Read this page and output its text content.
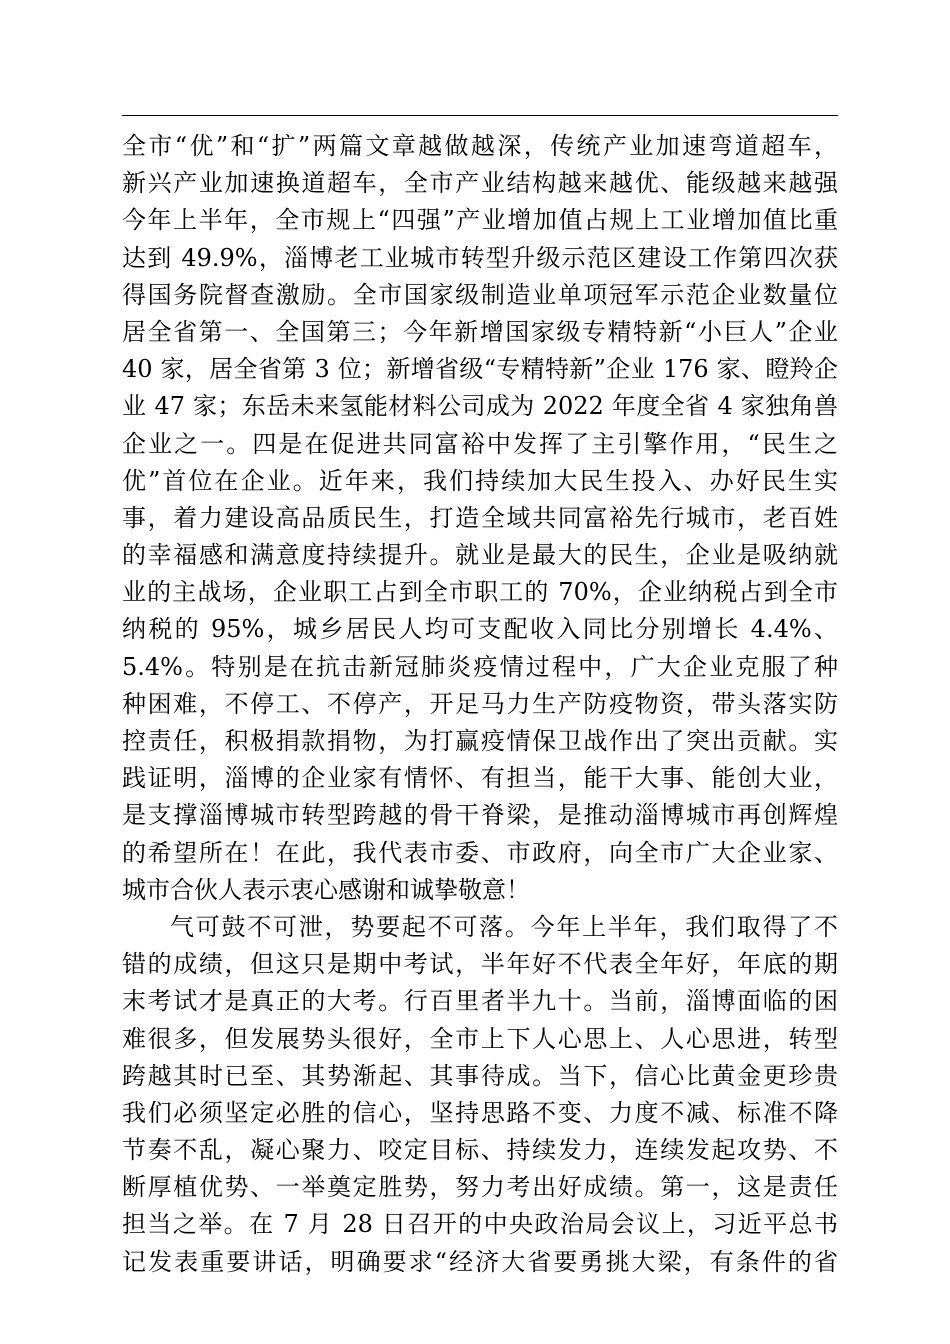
全市“优”和“扩”两篇文章越做越深，传统产业加速弯道超车，
新兴产业加速换道超车，全市产业结构越来越优、能级越来越强
今年上半年，全市规上“四强”产业增加值占规上工业增加值比重
达到 49.9%，淄博老工业城市转型升级示范区建设工作第四次获
得国务院督查激励。全市国家级制造业单项冠军示范企业数量位
居全省第一、全国第三；今年新增国家级专精特新“小巨人”企业
40 家，居全省第 3 位；新增省级“专精特新”企业 176 家、瞪羚企
业 47 家；东岳未来氢能材料公司成为 2022 年度全省 4 家独角兽
企业之一。四是在促进共同富裕中发挥了主引擎作用，“民生之
优”首位在企业。近年来，我们持续加大民生投入、办好民生实
事，着力建设高品质民生，打造全域共同富裕先行城市，老百姓
的幸福感和满意度持续提升。就业是最大的民生，企业是吸纳就
业的主战场，企业职工占到全市职工的 70%，企业纳税占到全市
纳税的 95%，城乡居民人均可支配收入同比分别增长 4.4%、
5.4%。特别是在抗击新冠肺炎疫情过程中，广大企业克服了种
种困难，不停工、不停产，开足马力生产防疫物资，带头落实防
控责任，积极捐款捐物，为打赢疫情保卫战作出了突出贡献。实
践证明，淄博的企业家有情怀、有担当，能干大事、能创大业，
是支撑淄博城市转型跨越的骨干脊梁，是推动淄博城市再创辉煌
的希望所在！在此，我代表市委、市政府，向全市广大企业家、
城市合伙人表示衷心感谢和诚挚敬意！
气可鼓不可泄，势要起不可落。今年上半年，我们取得了不
错的成绩，但这只是期中考试，半年好不代表全年好，年底的期
末考试才是真正的大考。行百里者半九十。当前，淄博面临的困
难很多，但发展势头很好，全市上下人心思上、人心思进，转型
跨越其时已至、其势渐起、其事待成。当下，信心比黄金更珍贵
我们必须坚定必胜的信心，坚持思路不变、力度不减、标准不降
节奏不乱，凝心聚力、咬定目标、持续发力，连续发起攻势、不
断厚植优势、一举奠定胜势，努力考出好成绩。第一，这是责任
担当之举。在 7 月 28 日召开的中央政治局会议上，习近平总书
记发表重要讲话，明确要求“经济大省要勇挑大梁，有条件的省
